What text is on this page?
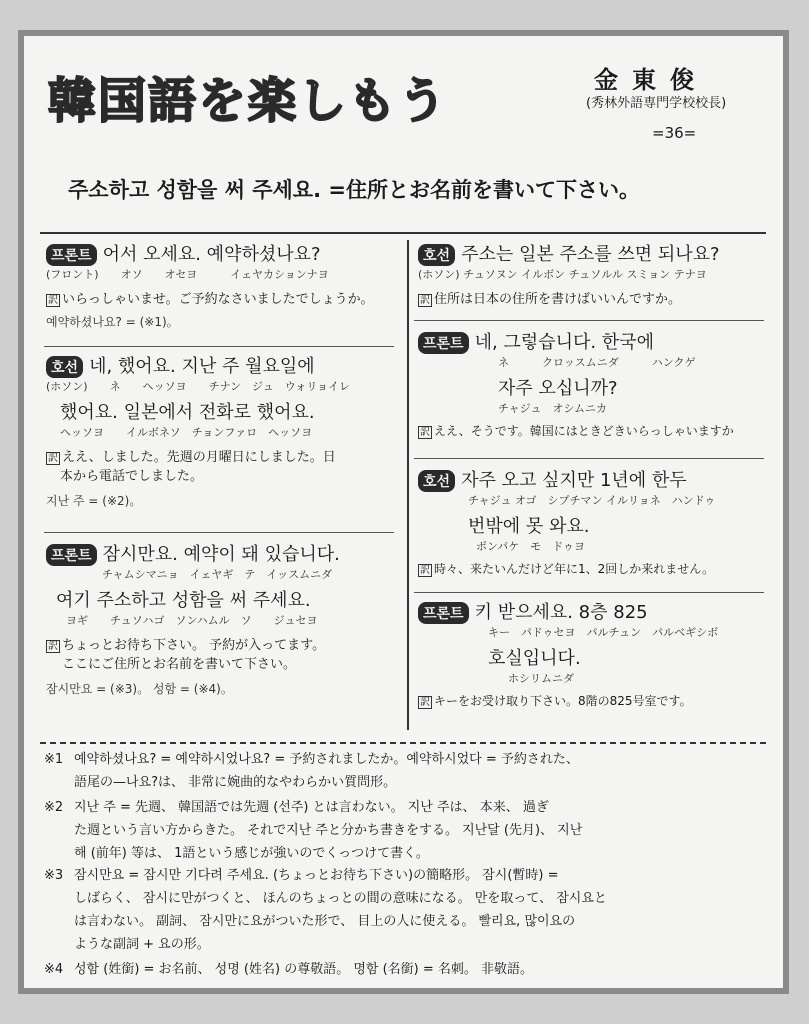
韓国語を楽しもう	金東俊
(秀林外語専門学校校長)
=36=
주소하고 성함을 써 주세요. =住所とお名前を書いて下さい。
프론트 어서 오세요. 예약하셨나요?
(フロント)　　オソ　　オセヨ　　　イェヤカションナヨ
訳 いらっしゃいませ。ご予約なさいましたでしょうか。
예약하셨나요? = (※1)。
호선 네, 했어요. 지난 주 월요일에
(ホソン)　　ネ　　ヘッソヨ　　チナン　ジュ　ウォリョイレ
했어요. 일본에서 전화로 했어요.
ヘッソヨ　　イルボネソ　チョンファロ　ヘッソヨ
訳 ええ、しました。先週の月曜日にしました。日
本から電話でしました。
지난 주 = (※2)。
프론트 잠시만요. 예약이 돼 있습니다.
チャムシマニョ　イェヤギ　テ　イッスムニダ
여기 주소하고 성함을 써 주세요.
ヨギ　　チュソハゴ　ソンハムル　ソ　　ジュセヨ
訳 ちょっとお待ち下さい。 予約が入ってます。
ここにご住所とお名前を書いて下さい。
잠시만요 = (※3)。 성함 = (※4)。
호선 주소는 일본 주소를 쓰면 되나요?
(ホソン) チュソヌン イルボン チュソルル スミョン テナヨ
訳 住所は日本の住所を書けばいいんですか。
프론트 네, 그렇습니다. 한국에
ネ　　　クロッスムニダ　　　ハンクゲ
자주 오십니까?
チャジュ　オシムニカ
訳 ええ、そうです。韓国にはときどきいらっしゃいますか
호선 자주 오고 싶지만 1년에 한두
チャジュ オゴ　シプチマン イルリョネ　ハンドゥ
번밖에 못 와요.
ポンパケ　モ　ドゥヨ
訳 時々、来たいんだけど年に1、2回しか来れません。
프론트 키 받으세요. 8층 825
キー　パドゥセヨ　パルチュン　パルベギシボ
호실입니다.
ホシリムニダ
訳 キーをお受け取り下さい。8階の825号室です。
※1 예약하셨나요? = 예약하시었나요? = 予約されましたか。예약하시었다 = 予約された、
語尾の—나요?は、 非常に婉曲的なやわらかい質問形。
※2 지난 주 = 先週、 韓国語では先週 (선주) とは言わない。 지난 주は、 本来、 過ぎ
た週という言い方からきた。 それで지난 주と分かち書きをする。 지난달 (先月)、 지난
해 (前年) 等は、 1語という感じが強いのでくっつけて書く。
※3 잠시만요 = 잠시만 기다려 주세요. (ちょっとお待ち下さい)の簡略形。 잠시(暫時) =
しばらく、 잠시に만がつくと、 ほんのちょっとの間の意味になる。 만を取って、 잠시요と
は言わない。 副詞、 잠시만に요がついた形で、 目上の人に使える。 빨리요, 많이요の
ような副詞 + 요の形。
※4 성함 (姓銜) = お名前、 성명 (姓名) の尊敬語。 명함 (名銜) = 名刺。 非敬語。
